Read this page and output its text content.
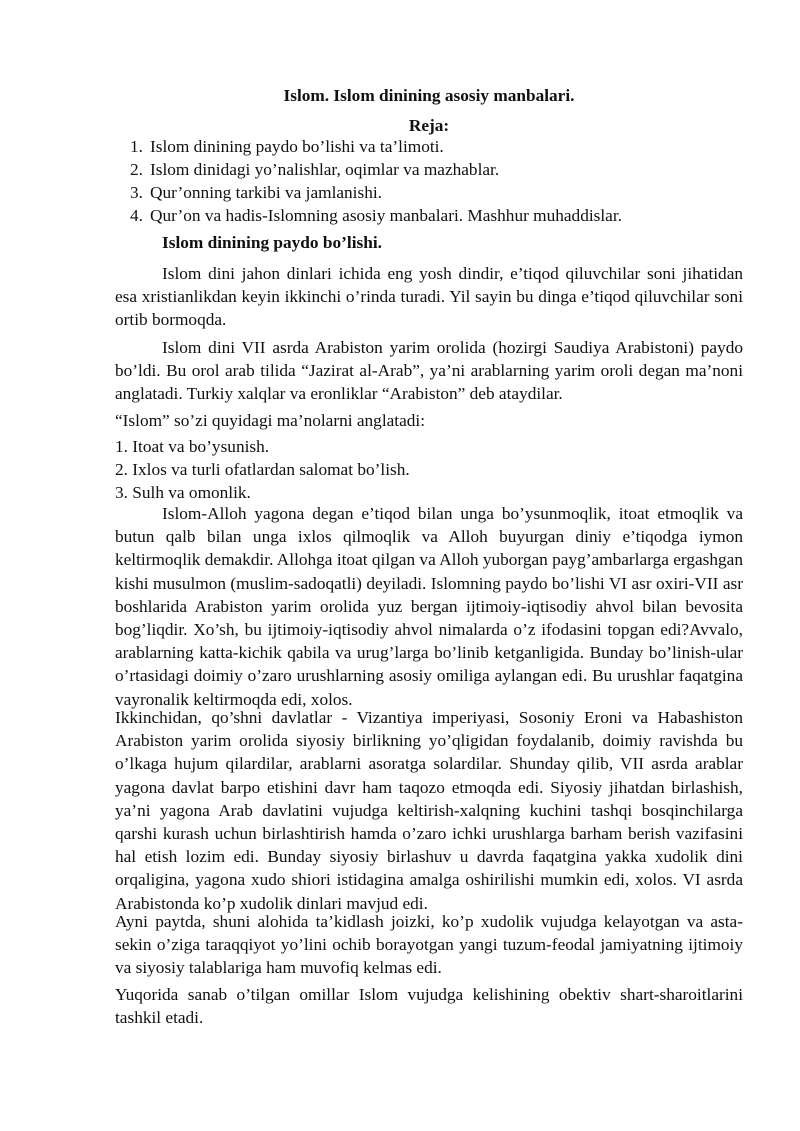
Islom. Islom dinining asosiy manbalari.
Reja:
1. Islom dinining paydo bo’lishi va ta’limoti.
2. Islom dinidagi yo’nalishlar, oqimlar va mazhablar.
3. Qur’onning tarkibi va jamlanishi.
4. Qur’on va hadis-Islomning asosiy manbalari. Mashhur muhaddislar.
Islom dinining paydo bo’lishi.

Islom dini jahon dinlari ichida eng yosh dindir, e’tiqod qiluvchilar soni jihatidan esa xristianlikdan keyin ikkinchi o’rinda turadi. Yil sayin bu dinga e’tiqod qiluvchilar soni ortib bormoqda.

Islom dini VII asrda Arabiston yarim orolida (hozirgi Saudiya Arabistoni) paydo bo’ldi. Bu orol arab tilida “Jazirat al-Arab”, ya’ni arablarning yarim oroli degan ma’noni anglatadi. Turkiy xalqlar va eronliklar “Arabiston” deb ataydilar.

“Islom” so’zi quyidagi ma’nolarni anglatadi:

1. Itoat va bo’ysunish.
2. Ixlos va turli ofatlardan salomat bo’lish.
3. Sulh va omonlik.

Islom-Alloh yagona degan e’tiqod bilan unga bo’ysunmoqlik, itoat etmoqlik va butun qalb bilan unga ixlos qilmoqlik va Alloh buyurgan diniy e’tiqodga iymon keltirmoqlik demakdir. Allohga itoat qilgan va Alloh yuborgan payg’ambarlarga ergashgan kishi musulmon (muslim-sadoqatli) deyiladi. Islomning paydo bo’lishi VI asr oxiri-VII asr boshlarida Arabiston yarim orolida yuz bergan ijtimoiy-iqtisodiy ahvol bilan bevosita bog’liqdir. Xo’sh, bu ijtimoiy-iqtisodiy ahvol nimalarda o’z ifodasini topgan edi?Avvalo, arablarning katta-kichik qabila va urug’larga bo’linib ketganligida. Bunday bo’linish-ular o’rtasidagi doimiy o’zaro urushlarning asosiy omiliga aylangan edi. Bu urushlar faqatgina vayronalik keltirmoqda edi, xolos.

Ikkinchidan, qo’shni davlatlar - Vizantiya imperiyasi, Sosoniy Eroni va Habashiston Arabiston yarim orolida siyosiy birlikning yo’qligidan foydalanib, doimiy ravishda bu o’lkaga hujum qilardilar, arablarni asoratga solardilar. Shunday qilib, VII asrda arablar yagona davlat barpo etishini davr ham taqozo etmoqda edi. Siyosiy jihatdan birlashish, ya’ni yagona Arab davlatini vujudga keltirish-xalqning kuchini tashqi bosqinchilarga qarshi kurash uchun birlashtirish hamda o’zaro ichki urushlarga barham berish vazifasini hal etish lozim edi. Bunday siyosiy birlashuv u davrda faqatgina yakka xudolik dini orqaligina, yagona xudo shiori istidagina amalga oshirilishi mumkin edi, xolos. VI asrda Arabistonda ko’p xudolik dinlari mavjud edi.

Ayni paytda, shuni alohida ta’kidlash joizki, ko’p xudolik vujudga kelayotgan va asta-sekin o’ziga taraqqiyot yo’lini ochib borayotgan yangi tuzum-feodal jamiyatning ijtimoiy va siyosiy talablariga ham muvofiq kelmas edi.

Yuqorida sanab o’tilgan omillar Islom vujudga kelishining obektiv shart-sharoitlarini tashkil etadi.
